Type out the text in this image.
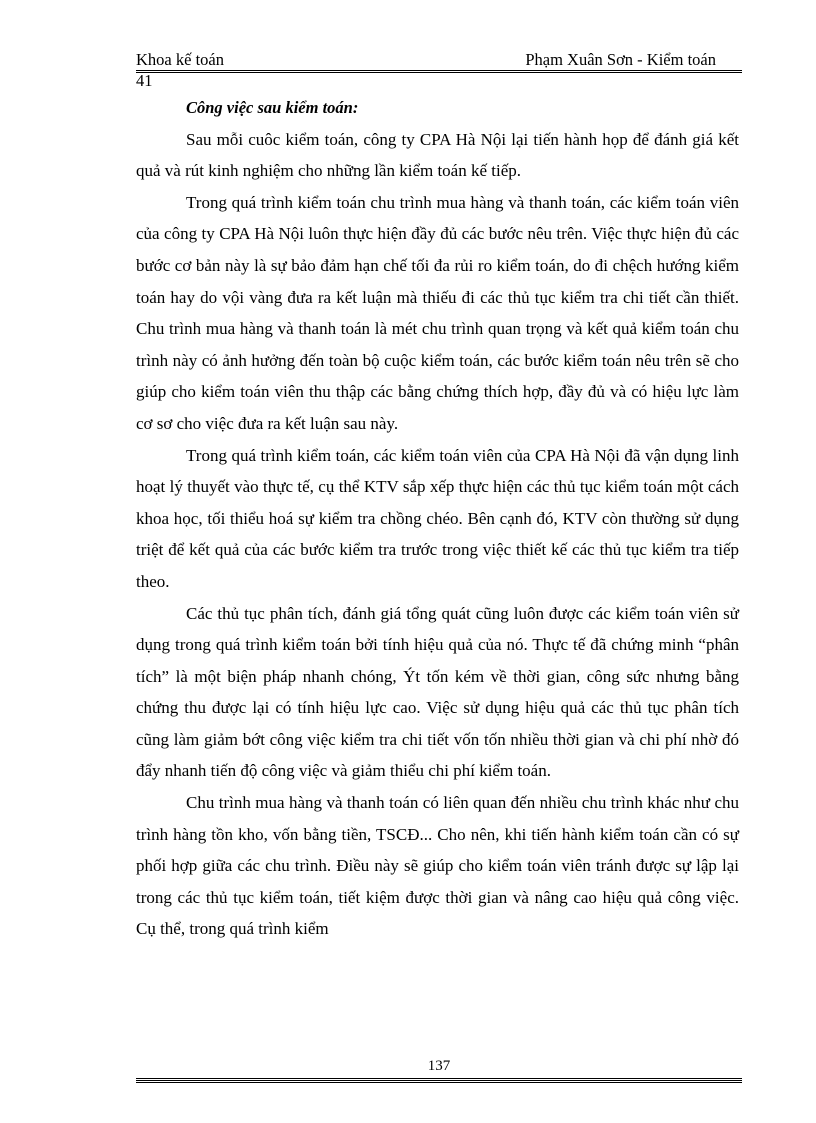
Khoa kế toán	Phạm Xuân Sơn - Kiểm toán
41

Công việc sau kiểm toán:

Sau mỗi cuôc kiểm toán, công ty CPA Hà Nội lại tiến hành họp để đánh giá kết quả và rút kinh nghiệm cho những lần kiểm toán kế tiếp.

Trong quá trình kiểm toán chu trình mua hàng và thanh toán, các kiểm toán viên của công ty CPA Hà Nội luôn thực hiện đầy đủ các bước nêu trên. Việc thực hiện đủ các bước cơ bản này là sự bảo đảm hạn chế tối đa rủi ro kiểm toán, do đi chệch hướng kiểm toán hay do vội vàng đưa ra kết luận mà thiếu đi các thủ tục kiểm tra chi tiết cần thiết. Chu trình mua hàng và thanh toán là mét chu trình quan trọng và kết quả kiểm toán chu trình này có ảnh hưởng đến toàn bộ cuộc kiểm toán, các bước kiểm toán nêu trên sẽ cho giúp cho kiểm toán viên thu thập các bằng chứng thích hợp, đầy đủ và có hiệu lực làm cơ sơ cho việc đưa ra kết luận sau này.

Trong quá trình kiểm toán, các kiểm toán viên của CPA Hà Nội đã vận dụng linh hoạt lý thuyết vào thực tế, cụ thể KTV sắp xếp thực hiện các thủ tục kiểm toán một cách khoa học, tối thiểu hoá sự kiểm tra chồng chéo. Bên cạnh đó, KTV còn thường sử dụng triệt để kết quả của các bước kiểm tra trước trong việc thiết kế các thủ tục kiểm tra tiếp theo.

Các thủ tục phân tích, đánh giá tổng quát cũng luôn được các kiểm toán viên sử dụng trong quá trình kiểm toán bởi tính hiệu quả của nó. Thực tế đã chứng minh “phân tích” là một biện pháp nhanh chóng, Ýt tốn kém về thời gian, công sức nhưng bằng chứng thu được lại có tính hiệu lực cao. Việc sử dụng hiệu quả các thủ tục phân tích cũng làm giảm bớt công việc kiểm tra chi tiết vốn tốn nhiều thời gian và chi phí nhờ đó đẩy nhanh tiến độ công việc và giảm thiểu chi phí kiểm toán.

Chu trình mua hàng và thanh toán có liên quan đến nhiều chu trình khác như chu trình hàng tồn kho, vốn bằng tiền, TSCĐ... Cho nên, khi tiến hành kiểm toán cần có sự phối hợp giữa các chu trình. Điều này sẽ giúp cho kiểm toán viên tránh được sự lập lại trong các thủ tục kiểm toán, tiết kiệm được thời gian và nâng cao hiệu quả công việc. Cụ thể, trong quá trình kiểm

137
